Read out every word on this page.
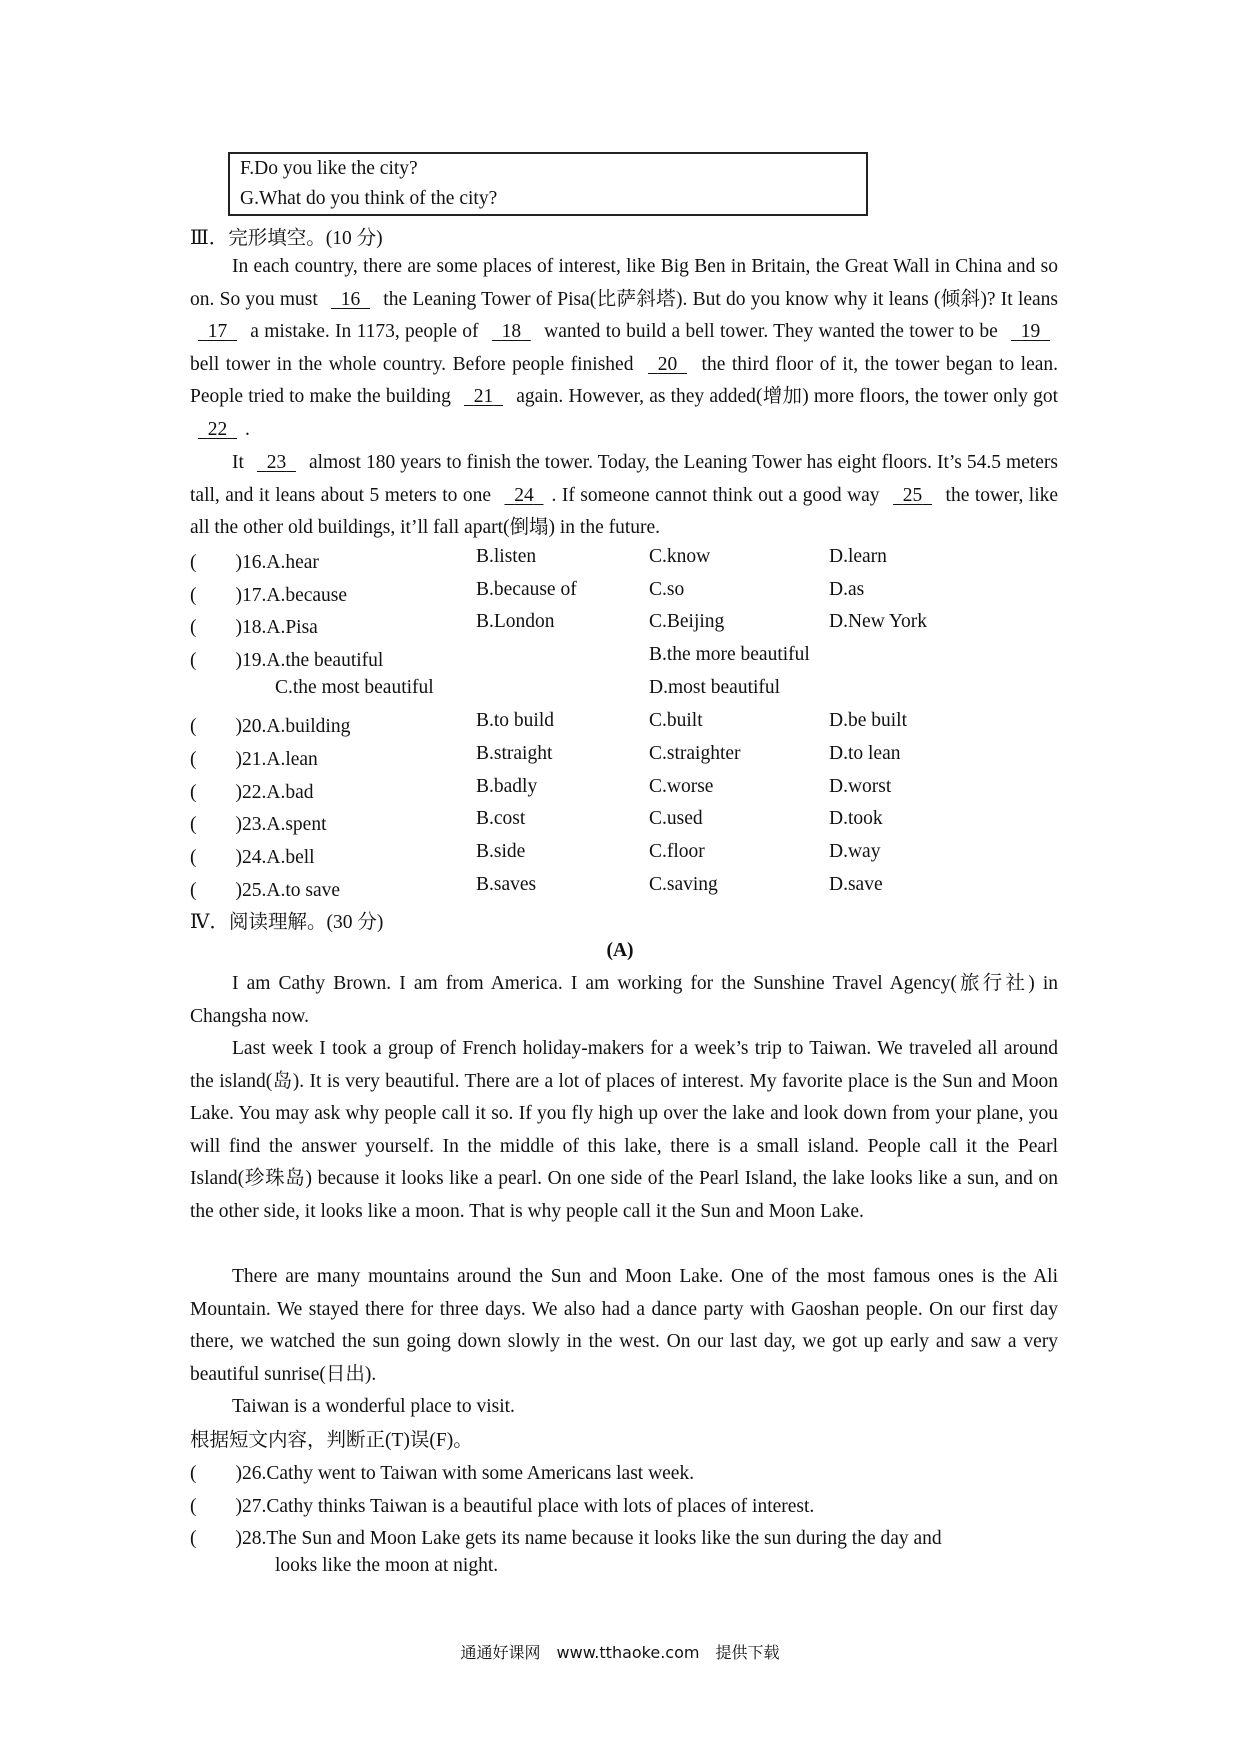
F.Do you like the city?
G.What do you think of the city?
Ⅲ．完形填空。(10 分)
In each country, there are some places of interest, like Big Ben in Britain, the Great Wall in China and so on. So you must 16 the Leaning Tower of Pisa(比萨斜塔). But do you know why it leans (倾斜)? It leans 17 a mistake. In 1173, people of 18 wanted to build a bell tower. They wanted the tower to be 19 bell tower in the whole country. Before people finished 20 the third floor of it, the tower began to lean. People tried to make the building 21 again. However, as they added(增加) more floors, the tower only got 22 .
It 23 almost 180 years to finish the tower. Today, the Leaning Tower has eight floors. It’s 54.5 meters tall, and it leans about 5 meters to one 24 . If someone cannot think out a good way 25 the tower, like all the other old buildings, it’ll fall apart(倒塌) in the future.
(　　)16.A.hear	B.listen	C.know	D.learn
(　　)17.A.because	B.because of	C.so	D.as
(　　)18.A.Pisa	B.London	C.Beijing	D.New York
(　　)19.A.the beautiful	B.the more beautiful
C.the most beautiful	D.most beautiful
(　　)20.A.building	B.to build	C.built	D.be built
(　　)21.A.lean	B.straight	C.straighter	D.to lean
(　　)22.A.bad	B.badly	C.worse	D.worst
(　　)23.A.spent	B.cost	C.used	D.took
(　　)24.A.bell	B.side	C.floor	D.way
(　　)25.A.to save	B.saves	C.saving	D.save
Ⅳ．阅读理解。(30 分)
(A)
I am Cathy Brown. I am from America. I am working for the Sunshine Travel Agency(旅行社) in Changsha now.
Last week I took a group of French holiday-makers for a week’s trip to Taiwan. We traveled all around the island(岛). It is very beautiful. There are a lot of places of interest. My favorite place is the Sun and Moon Lake. You may ask why people call it so. If you fly high up over the lake and look down from your plane, you will find the answer yourself. In the middle of this lake, there is a small island. People call it the Pearl Island(珍珠岛) because it looks like a pearl. On one side of the Pearl Island, the lake looks like a sun, and on the other side, it looks like a moon. That is why people call it the Sun and Moon Lake.
There are many mountains around the Sun and Moon Lake. One of the most famous ones is the Ali Mountain. We stayed there for three days. We also had a dance party with Gaoshan people. On our first day there, we watched the sun going down slowly in the west. On our last day, we got up early and saw a very beautiful sunrise(日出).
Taiwan is a wonderful place to visit.
根据短文内容，判断正(T)误(F)。
(　　)26.Cathy went to Taiwan with some Americans last week.
(　　)27.Cathy thinks Taiwan is a beautiful place with lots of places of interest.
(　　)28.The Sun and Moon Lake gets its name because it looks like the sun during the day and
looks like the moon at night.
通通好课网　www.tthaoke.com　提供下载
